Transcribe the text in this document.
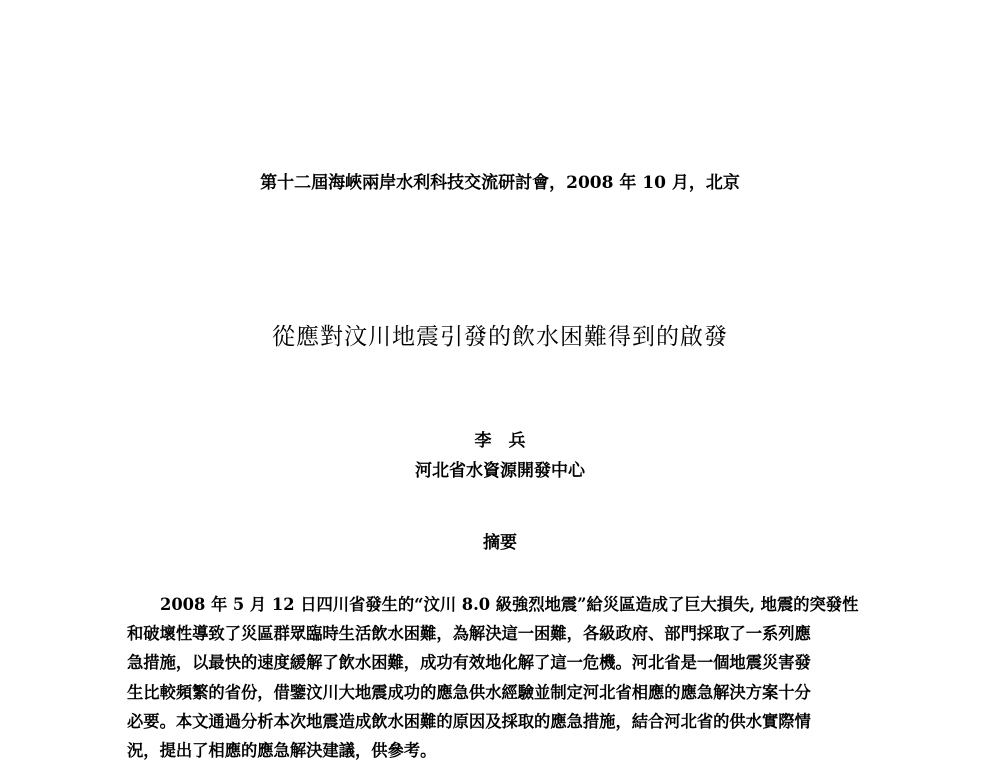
第十二屆海峽兩岸水利科技交流研討會，2008 年 10 月，北京
從應對汶川地震引發的飲水困難得到的啟發
李　兵
河北省水資源開發中心
摘要
2008 年 5 月 12 日四川省發生的“汶川 8.0 級強烈地震”給災區造成了巨大損失, 地震的突發性
和破壞性導致了災區群眾臨時生活飲水困難，為解決這一困難，各級政府、部門採取了一系列應
急措施，以最快的速度緩解了飲水困難，成功有效地化解了這一危機。河北省是一個地震災害發
生比較頻繁的省份，借鑒汶川大地震成功的應急供水經驗並制定河北省相應的應急解決方案十分
必要。本文通過分析本次地震造成飲水困難的原因及採取的應急措施，結合河北省的供水實際情
況，提出了相應的應急解決建議，供參考。
